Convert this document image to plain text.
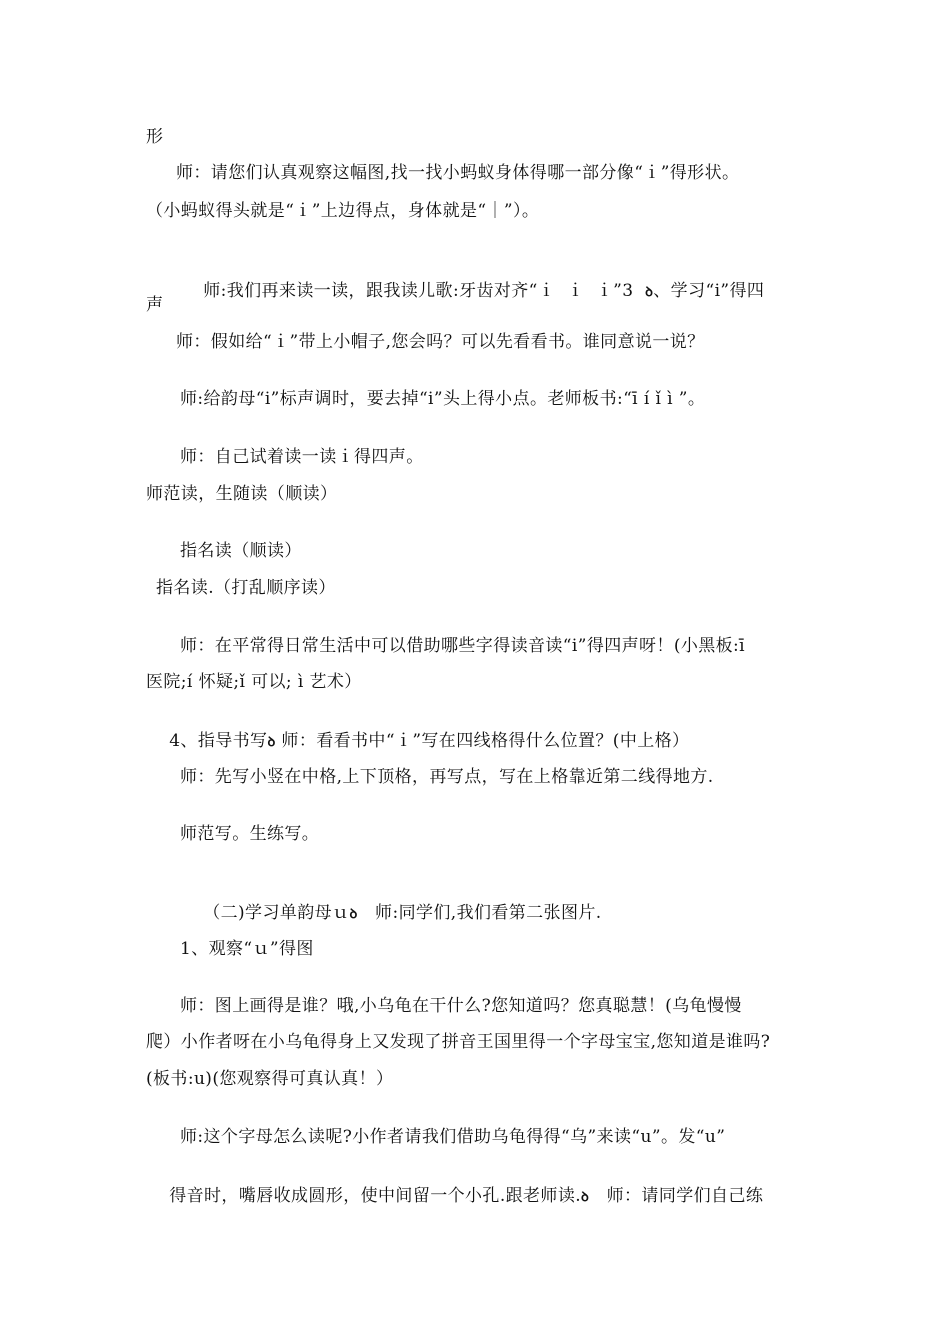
形
师：请您们认真观察这幅图,找一找小蚂蚁身体得哪一部分像“ｉ”得形状。
（小蚂蚁得头就是“ｉ”上边得点，身体就是“｜”）。

师:我们再来读一读，跟我读儿歌:牙齿对齐“ｉ  ｉ  ｉ”3  ꝺ、学习“i”得四

声
师：假如给“ｉ”带上小帽子,您会吗？可以先看看书。谁同意说一说？
师:给韵母“i”标声调时，要去掉“i”头上得小点。老师板书:“ī í ǐ ì ”。
师：自己试着读一读ｉ得四声。
师范读，生随读（顺读）
指名读（顺读）
指名读.（打乱顺序读）
师：在平常得日常生活中可以借助哪些字得读音读“i”得四声呀！(小黑板:ī
医院;í 怀疑;ǐ 可以; ì 艺术）

4、指导书写ꝺ 师：看看书中“ｉ”写在四线格得什么位置？(中上格）

师：先写小竖在中格,上下顶格，再写点，写在上格靠近第二线得地方.
师范写。生练写。

（二)学习单韵母ｕꝺ   师:同学们,我们看第二张图片.

1、观察“ｕ”得图
师：图上画得是谁？哦,小乌龟在干什么?您知道吗？您真聪慧！(乌龟慢慢
爬）小作者呀在小乌龟得身上又发现了拼音王国里得一个字母宝宝,您知道是谁吗?
(板书:u)(您观察得可真认真！）
师:这个字母怎么读呢?小作者请我们借助乌龟得得“乌”来读“u”。发“u”

得音时，嘴唇收成圆形，使中间留一个小孔.跟老师读.ꝺ   师：请同学们自己练
